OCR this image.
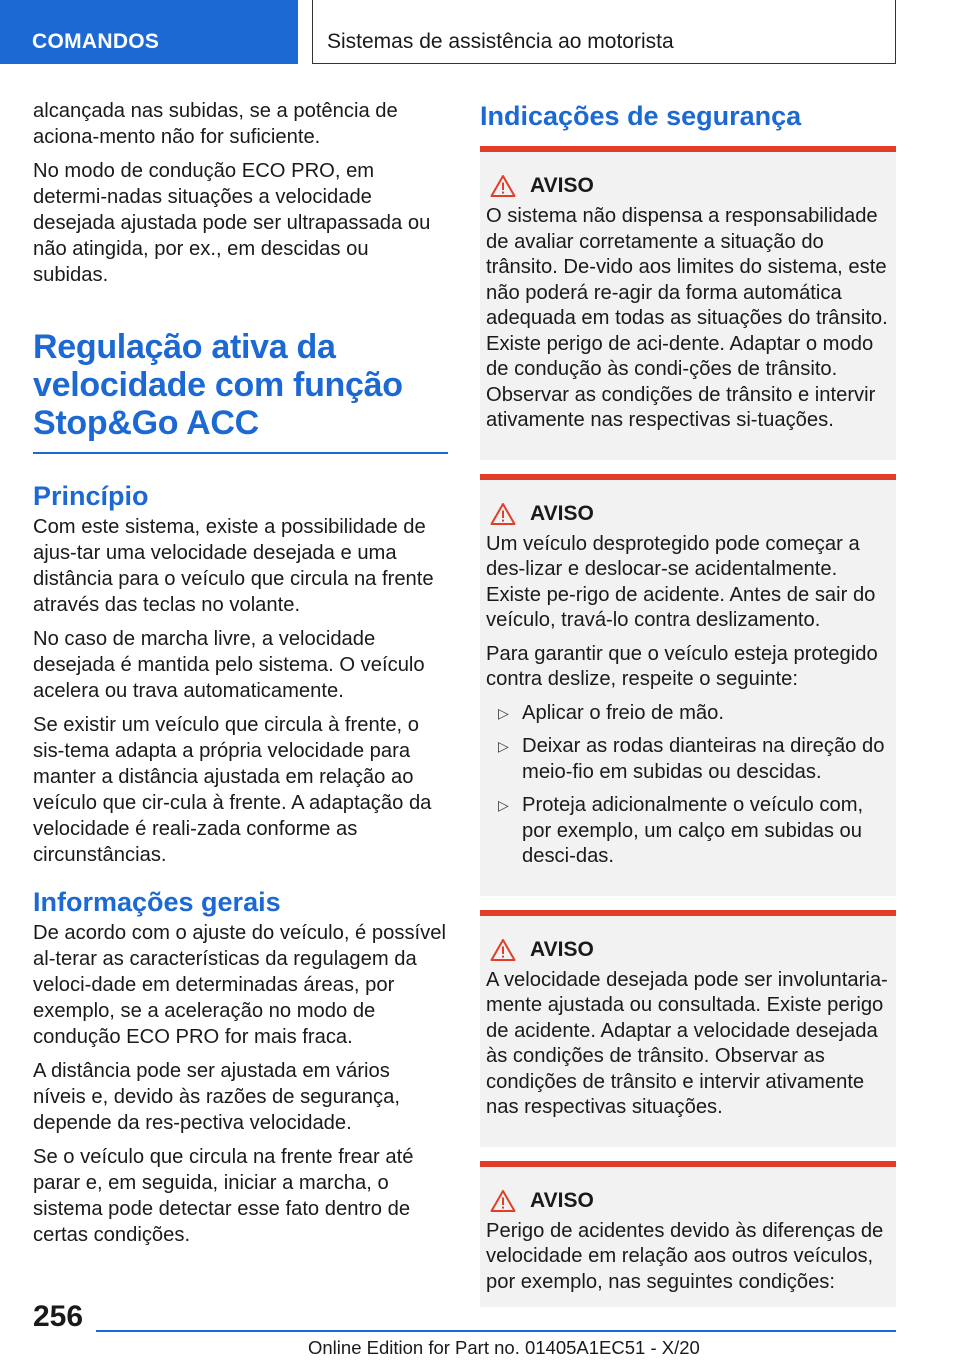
COMANDOS	Sistemas de assistência ao motorista

alcançada nas subidas, se a potência de aciona-mento não for suficiente.

No modo de condução ECO PRO, em determi-nadas situações a velocidade desejada ajustada pode ser ultrapassada ou não atingida, por ex., em descidas ou subidas.

Regulação ativa da velocidade com função Stop&Go ACC
Princípio

Com este sistema, existe a possibilidade de ajus-tar uma velocidade desejada e uma distância para o veículo que circula na frente através das teclas no volante.

No caso de marcha livre, a velocidade desejada é mantida pelo sistema. O veículo acelera ou trava automaticamente.

Se existir um veículo que circula à frente, o sis-tema adapta a própria velocidade para manter a distância ajustada em relação ao veículo que cir-cula à frente. A adaptação da velocidade é reali-zada conforme as circunstâncias.

Informações gerais

De acordo com o ajuste do veículo, é possível al-terar as características da regulagem da veloci-dade em determinadas áreas, por exemplo, se a aceleração no modo de condução ECO PRO for mais fraca.

A distância pode ser ajustada em vários níveis e, devido às razões de segurança, depende da res-pectiva velocidade.

Se o veículo que circula na frente frear até parar e, em seguida, iniciar a marcha, o sistema pode detectar esse fato dentro de certas condições.

Indicações de segurança
AVISO

O sistema não dispensa a responsabilidade de avaliar corretamente a situação do trânsito. De-vido aos limites do sistema, este não poderá re-agir da forma automática adequada em todas as situações do trânsito. Existe perigo de aci-dente. Adaptar o modo de condução às condi-ções de trânsito. Observar as condições de trânsito e intervir ativamente nas respectivas si-tuações.

AVISO

Um veículo desprotegido pode começar a des-lizar e deslocar-se acidentalmente. Existe pe-rigo de acidente. Antes de sair do veículo, travá-lo contra deslizamento.

Para garantir que o veículo esteja protegido contra deslize, respeite o seguinte:

▷ Aplicar o freio de mão.
▷ Deixar as rodas dianteiras na direção do meio-fio em subidas ou descidas.
▷ Proteja adicionalmente o veículo com, por exemplo, um calço em subidas ou desci-das.
AVISO

A velocidade desejada pode ser involuntaria-mente ajustada ou consultada. Existe perigo de acidente. Adaptar a velocidade desejada às condições de trânsito. Observar as condições de trânsito e intervir ativamente nas respectivas situações.

AVISO

Perigo de acidentes devido às diferenças de velocidade em relação aos outros veículos, por exemplo, nas seguintes condições:

256
Online Edition for Part no. 01405A1EC51 - X/20
